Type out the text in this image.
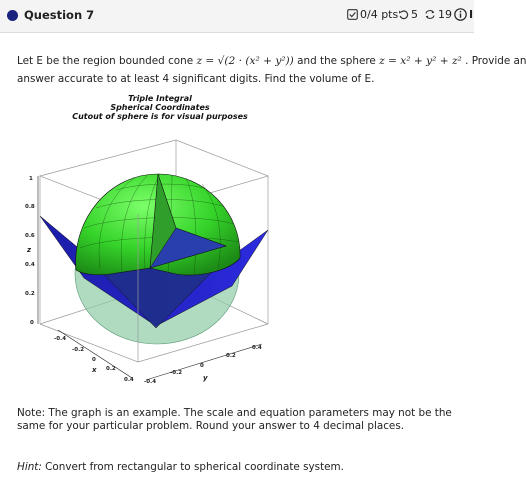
Question 7	0/4 pts 5 19 I
Let E be the region bounded cone z = √(2 · (x² + y²)) and the sphere z = x² + y² + z² . Provide an
answer accurate to at least 4 significant digits. Find the volume of E.
Triple Integral
Spherical Coordinates
Cutout of sphere is for visual purposes
1
0.8
0.6
0.4
0.2
0
z
-0.4
-0.2
0
0.2
0.4
x
-0.4
-0.2
0
0.2
0.4
y
Note: The graph is an example. The scale and equation parameters may not be the same for your particular problem. Round your answer to 4 decimal places.
Hint: Convert from rectangular to spherical coordinate system.
